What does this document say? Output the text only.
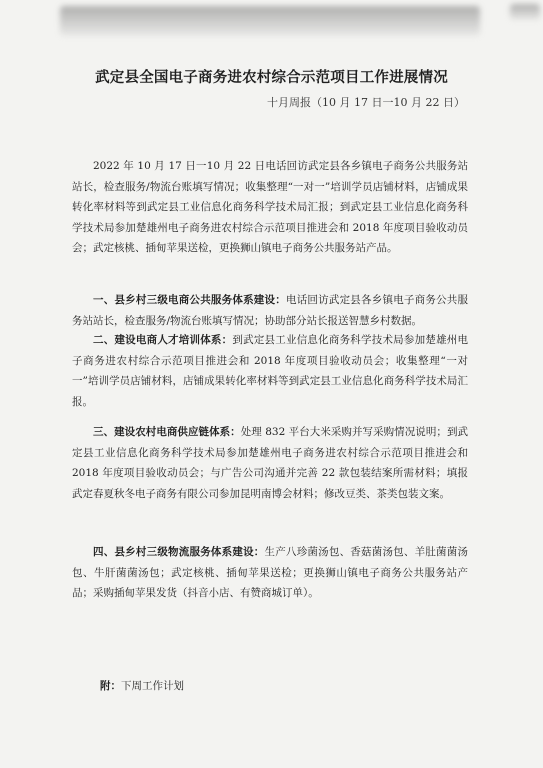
武定县全国电子商务进农村综合示范项目工作进展情况
十月周报（10 月 17 日一10 月 22 日）

2022 年 10 月 17 日一10 月 22 日电话回访武定县各乡镇电子商务公共服务站站长，检查服务/物流台账填写情况；收集整理“一对一”培训学员店铺材料，店铺成果转化率材料等到武定县工业信息化商务科学技术局汇报；到武定县工业信息化商务科学技术局参加楚雄州电子商务进农村综合示范项目推进会和 2018 年度项目验收动员会；武定核桃、插甸苹果送检，更换狮山镇电子商务公共服务站产品。

一、县乡村三级电商公共服务体系建设：电话回访武定县各乡镇电子商务公共服务站站长，检查服务/物流台账填写情况；协助部分站长报送智慧乡村数据。

二、建设电商人才培训体系：到武定县工业信息化商务科学技术局参加楚雄州电子商务进农村综合示范项目推进会和 2018 年度项目验收动员会；收集整理“一对一”培训学员店铺材料，店铺成果转化率材料等到武定县工业信息化商务科学技术局汇报。

三、建设农村电商供应链体系：处理 832 平台大米采购并写采购情况说明；到武定县工业信息化商务科学技术局参加楚雄州电子商务进农村综合示范项目推进会和 2018 年度项目验收动员会；与广告公司沟通并完善 22 款包装结案所需材料；填报武定春夏秋冬电子商务有限公司参加昆明南博会材料；修改豆类、茶类包装文案。

四、县乡村三级物流服务体系建设：生产八珍菌汤包、香菇菌汤包、羊肚菌菌汤包、牛肝菌菌汤包；武定核桃、插甸苹果送检；更换狮山镇电子商务公共服务站产品；采购插甸苹果发货（抖音小店、有赞商城订单）。

附：下周工作计划
